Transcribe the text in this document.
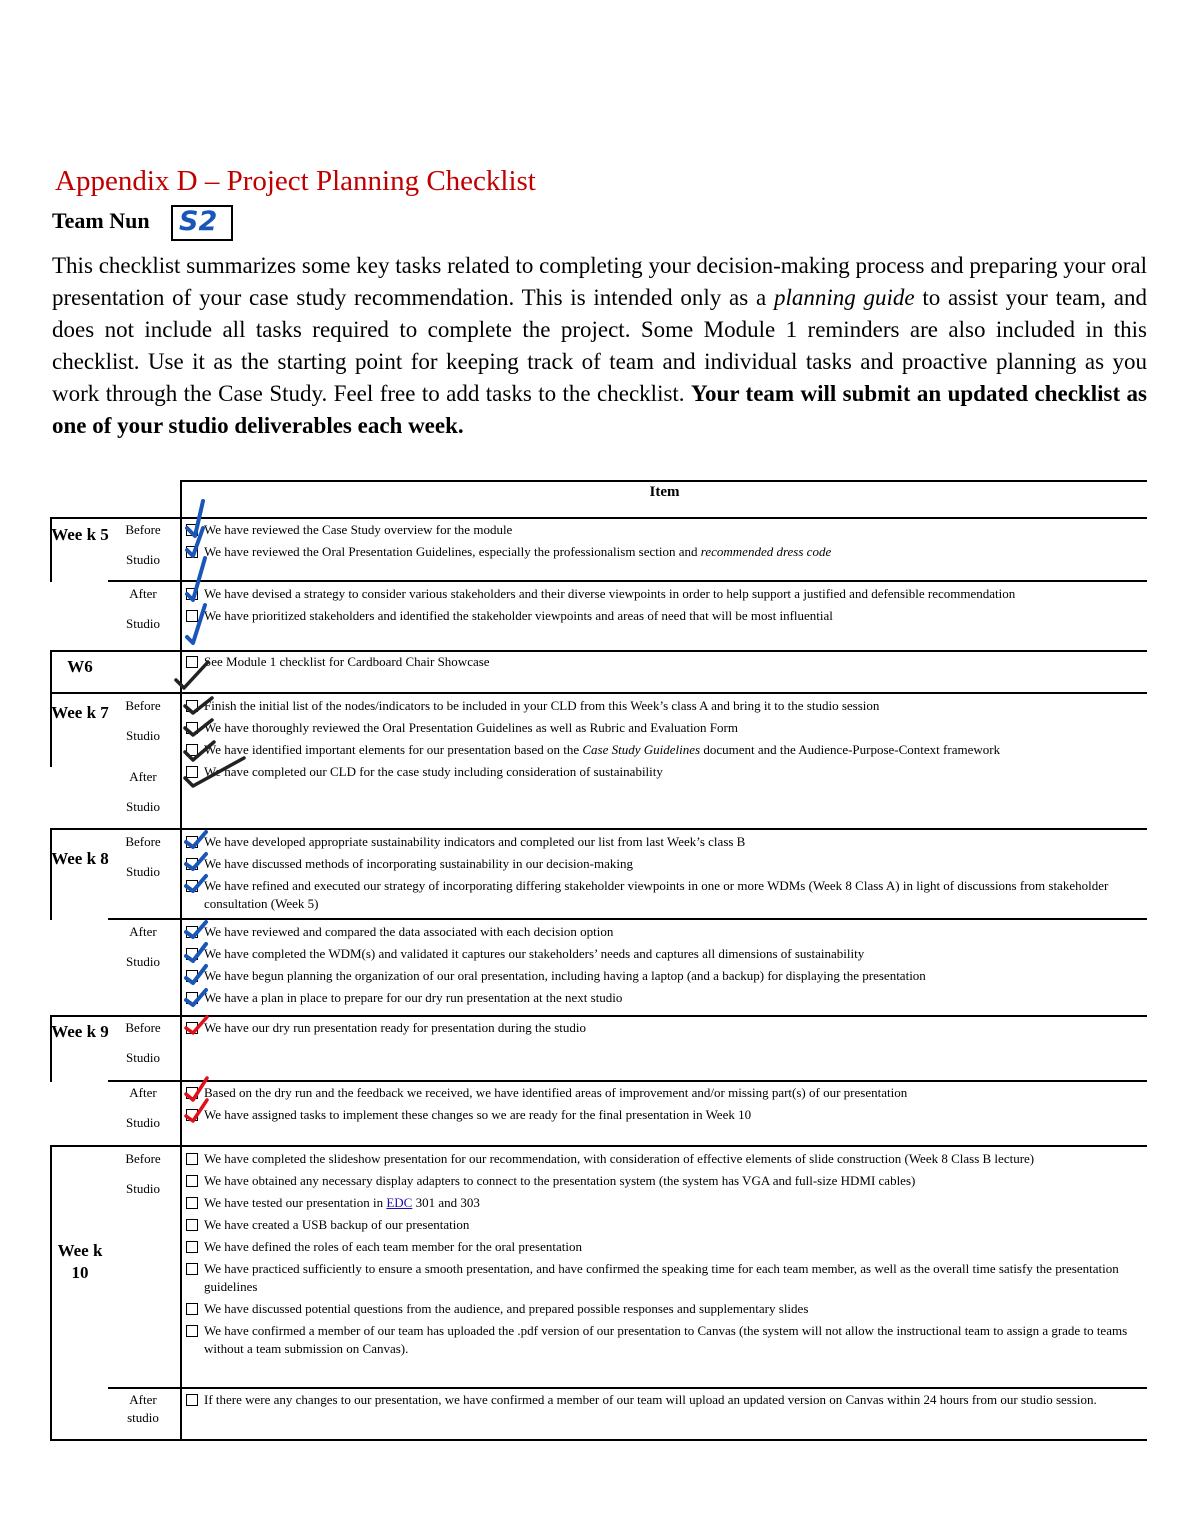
Appendix D – Project Planning Checklist
Team Nun S2
This checklist summarizes some key tasks related to completing your decision-making process and preparing your oral presentation of your case study recommendation. This is intended only as a planning guide to assist your team, and does not include all tasks required to complete the project. Some Module 1 reminders are also included in this checklist. Use it as the starting point for keeping track of team and individual tasks and proactive planning as you work through the Case Study. Feel free to add tasks to the checklist. Your team will submit an updated checklist as one of your studio deliverables each week.
Item
Wee k 5
W6
Wee k 7
Wee k 8
Wee k 9
Wee k 10
Before
Studio
After
Studio
Before
Studio
After
Studio
Before
Studio
After
Studio
Before
Studio
After
Studio
Before
Studio
After
studio
We have reviewed the Case Study overview for the module
We have reviewed the Oral Presentation Guidelines, especially the professionalism section and recommended dress code
We have devised a strategy to consider various stakeholders and their diverse viewpoints in order to help support a justified and defensible recommendation
We have prioritized stakeholders and identified the stakeholder viewpoints and areas of need that will be most influential
See Module 1 checklist for Cardboard Chair Showcase
Finish the initial list of the nodes/indicators to be included in your CLD from this Week’s class A and bring it to the studio session
We have thoroughly reviewed the Oral Presentation Guidelines as well as Rubric and Evaluation Form
We have identified important elements for our presentation based on the Case Study Guidelines document and the Audience-Purpose-Context framework
We have completed our CLD for the case study including consideration of sustainability
We have developed appropriate sustainability indicators and completed our list from last Week’s class B
We have discussed methods of incorporating sustainability in our decision-making
We have refined and executed our strategy of incorporating differing stakeholder viewpoints in one or more WDMs (Week 8 Class A) in light of discussions from stakeholder consultation (Week 5)
We have reviewed and compared the data associated with each decision option
We have completed the WDM(s) and validated it captures our stakeholders’ needs and captures all dimensions of sustainability
We have begun planning the organization of our oral presentation, including having a laptop (and a backup) for displaying the presentation
We have a plan in place to prepare for our dry run presentation at the next studio
We have our dry run presentation ready for presentation during the studio
Based on the dry run and the feedback we received, we have identified areas of improvement and/or missing part(s) of our presentation
We have assigned tasks to implement these changes so we are ready for the final presentation in Week 10
We have completed the slideshow presentation for our recommendation, with consideration of effective elements of slide construction (Week 8 Class B lecture)
We have obtained any necessary display adapters to connect to the presentation system (the system has VGA and full-size HDMI cables)
We have tested our presentation in EDC 301 and 303
We have created a USB backup of our presentation
We have defined the roles of each team member for the oral presentation
We have practiced sufficiently to ensure a smooth presentation, and have confirmed the speaking time for each team member, as well as the overall time satisfy the presentation guidelines
We have discussed potential questions from the audience, and prepared possible responses and supplementary slides
We have confirmed a member of our team has uploaded the .pdf version of our presentation to Canvas (the system will not allow the instructional team to assign a grade to teams without a team submission on Canvas).
If there were any changes to our presentation, we have confirmed a member of our team will upload an updated version on Canvas within 24 hours from our studio session.
